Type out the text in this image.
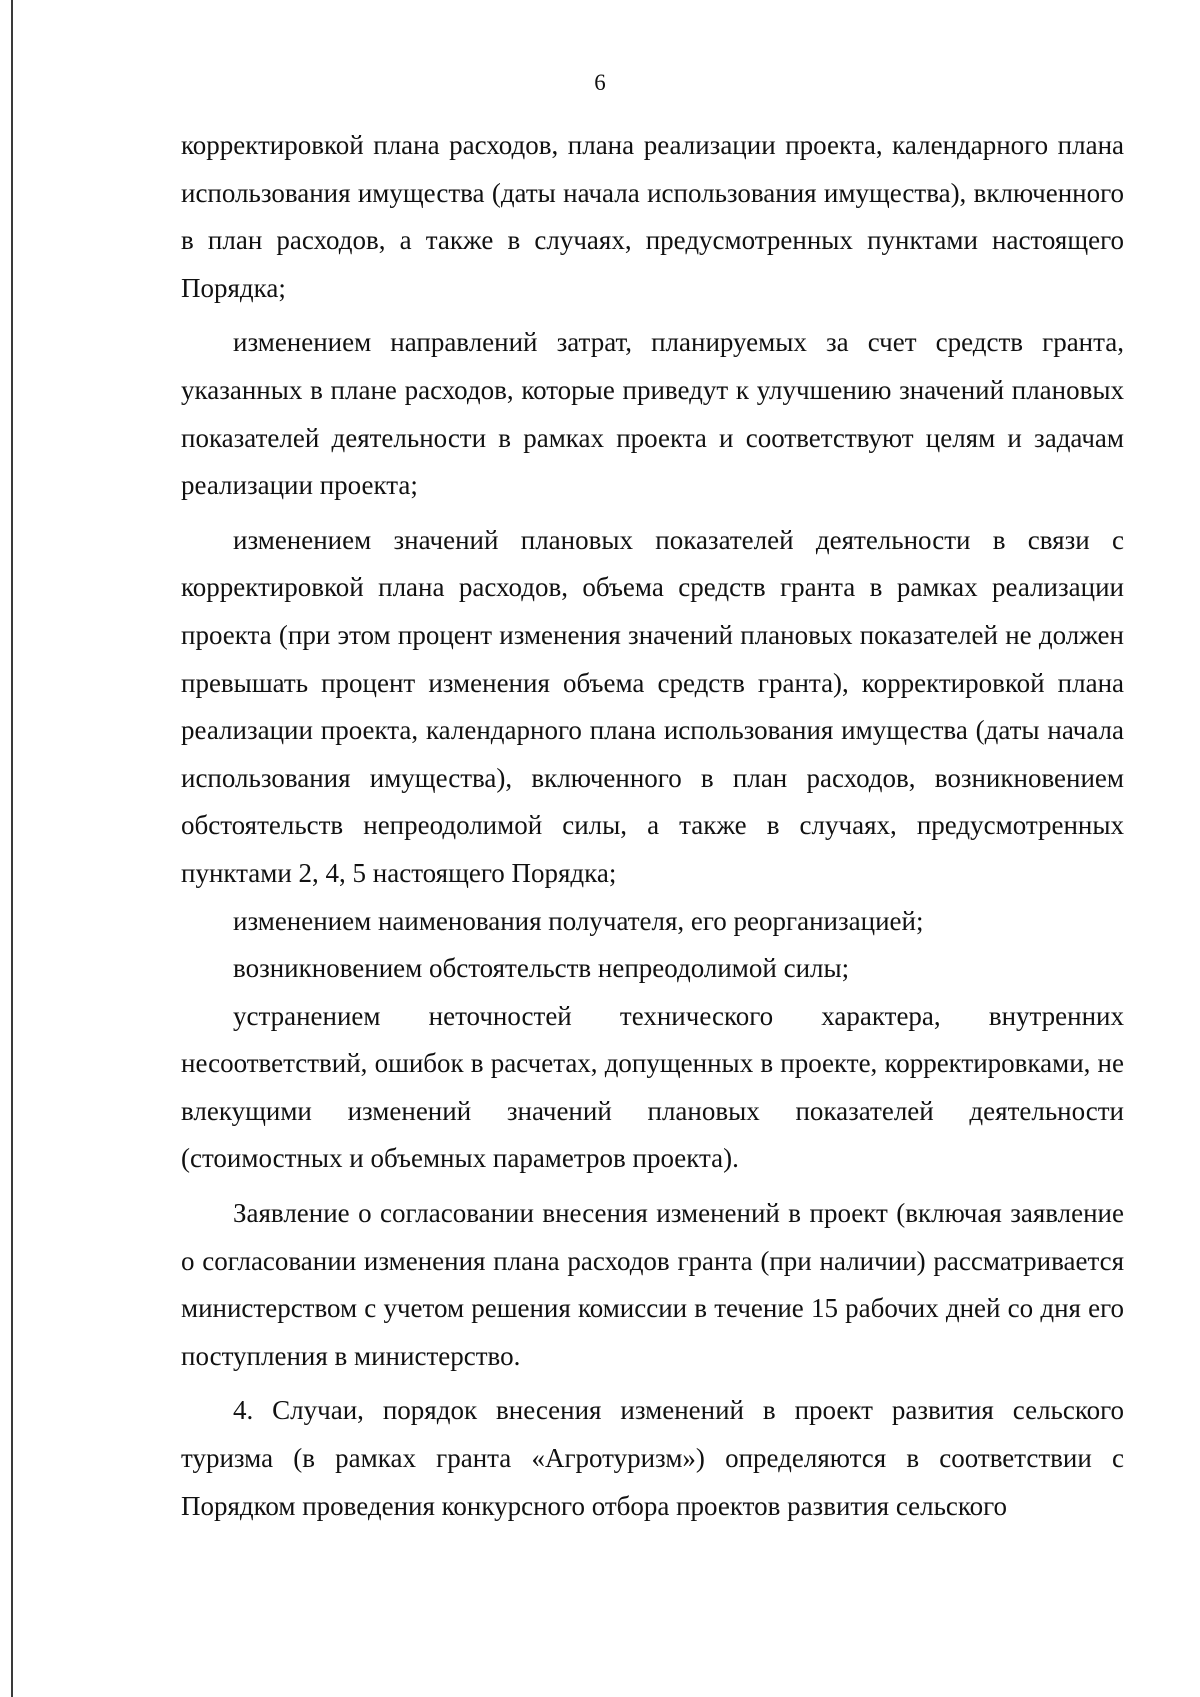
6

корректировкой плана расходов, плана реализации проекта, календарного плана использования имущества (даты начала использования имущества), включенного в план расходов, а также в случаях, предусмотренных пунктами настоящего Порядка;

изменением направлений затрат, планируемых за счет средств гранта, указанных в плане расходов, которые приведут к улучшению значений плановых показателей деятельности в рамках проекта и соответствуют целям и задачам реализации проекта;

изменением значений плановых показателей деятельности в связи с корректировкой плана расходов, объема средств гранта в рамках реализации проекта (при этом процент изменения значений плановых показателей не должен превышать процент изменения объема средств гранта), корректировкой плана реализации проекта, календарного плана использования имущества (даты начала использования имущества), включенного в план расходов, возникновением обстоятельств непреодолимой силы, а также в случаях, предусмотренных пунктами 2, 4, 5 настоящего Порядка;

изменением наименования получателя, его реорганизацией;

возникновением обстоятельств непреодолимой силы;

устранением неточностей технического характера, внутренних несоответствий, ошибок в расчетах, допущенных в проекте, корректировками, не влекущими изменений значений плановых показателей деятельности (стоимостных и объемных параметров проекта).

Заявление о согласовании внесения изменений в проект (включая заявление о согласовании изменения плана расходов гранта (при наличии) рассматривается министерством с учетом решения комиссии в течение 15 рабочих дней со дня его поступления в министерство.

4. Случаи, порядок внесения изменений в проект развития сельского туризма (в рамках гранта «Агротуризм») определяются в соответствии с Порядком проведения конкурсного отбора проектов развития сельского
